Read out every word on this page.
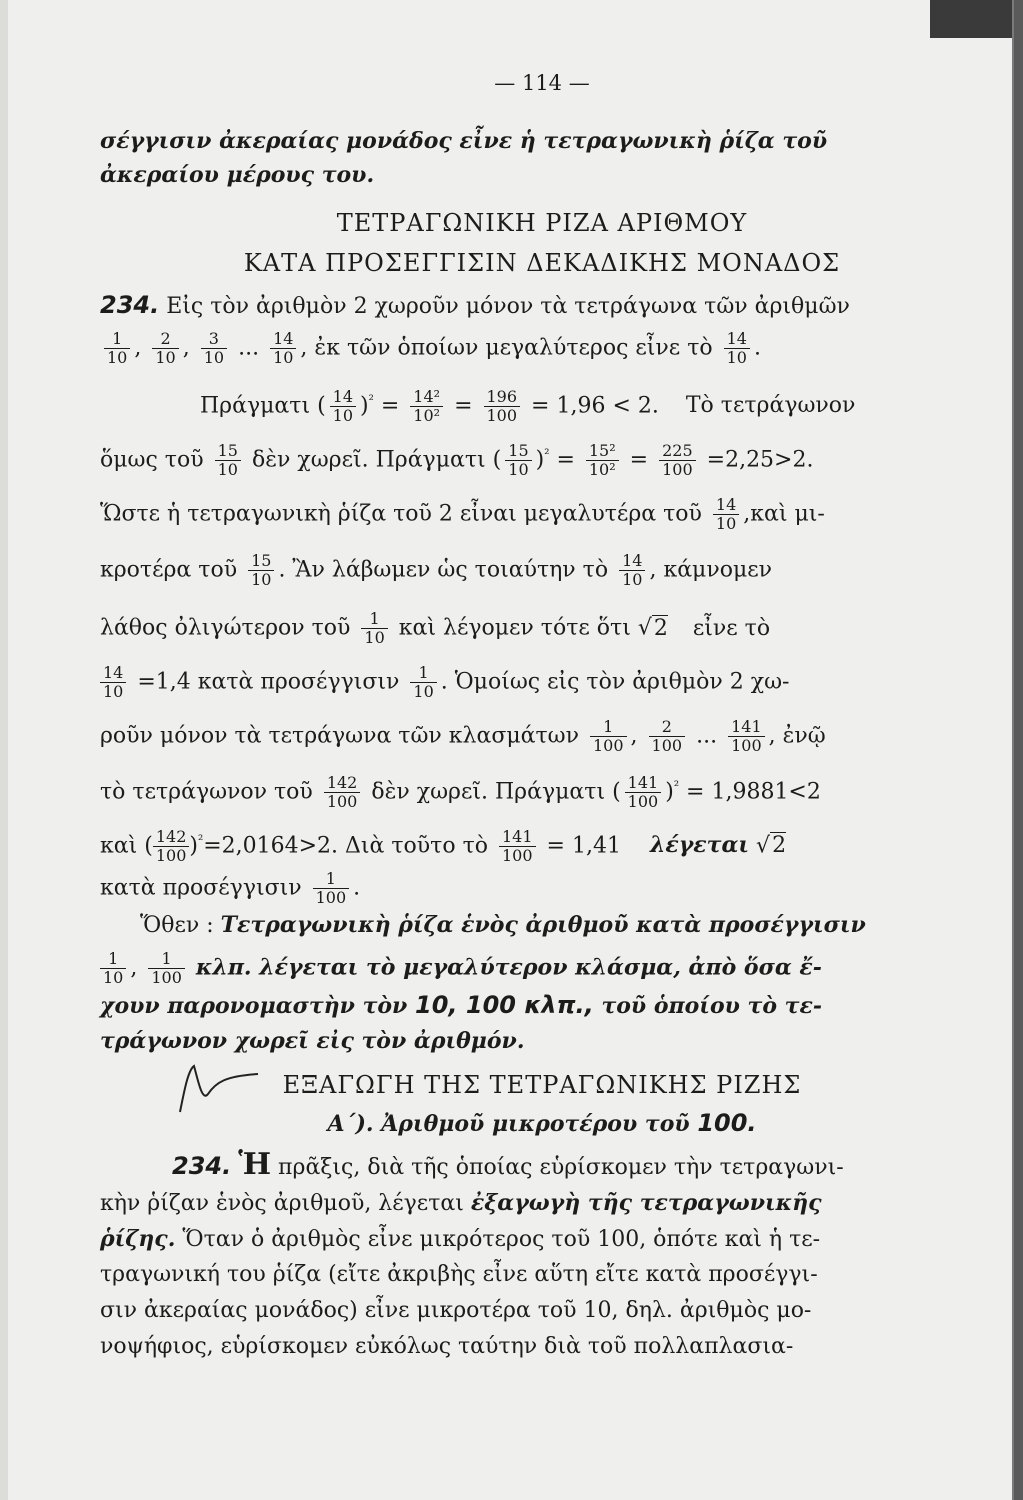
— 114 —
σέγγισιν ἀκεραίας μονάδος εἶνε ἡ τετραγωνικὴ ῥίζα τοῦ
ἀκεραίου μέρους του.
ΤΕΤΡΑΓΩΝΙΚΗ ΡΙΖΑ ΑΡΙΘΜΟΥ
ΚΑΤΑ ΠΡΟΣΕΓΓΙΣΙΝ ΔΕΚΑΔΙΚΗΣ ΜΟΝΑΔΟΣ
234. Εἰς τὸν ἀριθμὸν 2 χωροῦν μόνον τὰ τετράγωνα τῶν ἀριθμῶν
$\frac{1}{10}$ , $\frac{2}{10}$ , $\frac{3}{10}$ ... $\frac{14}{10}$ , ἐκ τῶν ὁποίων μεγαλύτερος εἶνε τὸ $\frac{14}{10}$ .
Πράγματι ( $\frac{14}{10} )^{^2} = \frac{\text{14²}}{\text{10²}} = \frac{196}{100} = 1,96 < 2$. Τὸ τετράγωνον
ὅμως τοῦ $\frac{15}{10}$ δὲν χωρεῖ. Πράγματι ( $\frac{15}{10} )^{^2} = \frac{\text{15²}}{\text{10²}} = \frac{225}{100} =2,25>2$.
Ὥστε ἡ τετραγωνικὴ ῥίζα τοῦ 2 εἶναι μεγαλυτέρα τοῦ $\frac{14}{10}$ ,καὶ μι-
κροτέρα τοῦ $\frac{15}{10}$ . Ἂν λάβωμεν ὡς τοιαύτην τὸ $\frac{14}{10}$ , κάμνομεν
λάθος ὀλιγώτερον τοῦ $\frac{1}{10}$ καὶ λέγομεν τότε ὅτι √2 εἶνε τὸ
$\frac{14}{10} =1,4$ κατὰ προσέγγισιν $\frac{1}{10}$ . Ὁμοίως εἰς τὸν ἀριθμὸν 2 χω-
ροῦν μόνον τὰ τετράγωνα τῶν κλασμάτων $\frac{1}{100}$ , $\frac{2}{100}$ ... $\frac{141}{100}$ , ἐνῷ
τὸ τετράγωνον τοῦ $\frac{142}{100}$ δὲν χωρεῖ. Πράγματι ( $\frac{141}{100} )^{^2} = 1,9881<2$
καὶ ( $\frac{142}{100} )^{^2}=2,0164>2$. Διὰ τοῦτο τὸ $\frac{141}{100} = 1,41$ λέγεται √2
κατὰ προσέγγισιν $\frac{1}{100}$ .
Ὅθεν : Τετραγωνικὴ ῥίζα ἑνὸς ἀριθμοῦ κατὰ προσέγγισιν
$\frac{1}{10}$ , $\frac{1}{100} \kappa\lambda\pi$. λέγεται τὸ μεγαλύτερον κλάσμα, ἀπὸ ὅσα ἔ-
χουν παρονομαστὴν τὸν 10, 100 κλπ., τοῦ ὁποίου τὸ τε-
τράγωνον χωρεῖ εἰς τὸν ἀριθμόν.
ΕΞΑΓΩΓΗ ΤΗΣ ΤΕΤΡΑΓΩΝΙΚΗΣ ΡΙΖΗΣ
Α΄). Ἀριθμοῦ μικροτέρου τοῦ 100.
234. Ἡ πρᾶξις, διὰ τῆς ὁποίας εὑρίσκομεν τὴν τετραγωνι-
κὴν ῥίζαν ἑνὸς ἀριθμοῦ, λέγεται ἐξαγωγὴ τῆς τετραγωνικῆς
ῥίζης. Ὅταν ὁ ἀριθμὸς εἶνε μικρότερος τοῦ 100, ὁπότε καὶ ἡ τε-
τραγωνική του ῥίζα (εἴτε ἀκριβὴς εἶνε αὕτη εἴτε κατὰ προσέγγι-
σιν ἀκεραίας μονάδος) εἶνε μικροτέρα τοῦ 10, δηλ. ἀριθμὸς μο-
νοψήφιος, εὑρίσκομεν εὐκόλως ταύτην διὰ τοῦ πολλαπλασια-
